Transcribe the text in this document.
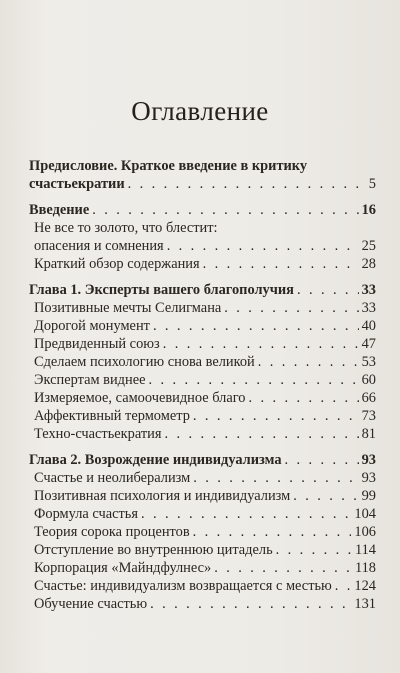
Оглавление
Предисловие. Краткое введение в критику
счастьекратии . . .	5
Введение . . .	16
Не все то золото, что блестит:
опасения и сомнения . . .	25
Краткий обзор содержания . . .	28
Глава 1. Эксперты вашего благополучия . . .	33
Позитивные мечты Селигмана . . .	33
Дорогой монумент . . .	40
Предвиденный союз . . .	47
Сделаем психологию снова великой . . .	53
Экспертам виднее . . .	60
Измеряемое, самоочевидное благо . . .	66
Аффективный термометр . . .	73
Техно-счастьекратия . . .	81
Глава 2. Возрождение индивидуализма . . .	93
Счастье и неолиберализм . . .	93
Позитивная психология и индивидуализм . . .	99
Формула счастья . . .	104
Теория сорока процентов . . .	106
Отступление во внутреннюю цитадель . . .	114
Корпорация «Майндфулнес» . . .	118
Счастье: индивидуализм возвращается с местью . . . 124
Обучение счастью . . .	131
